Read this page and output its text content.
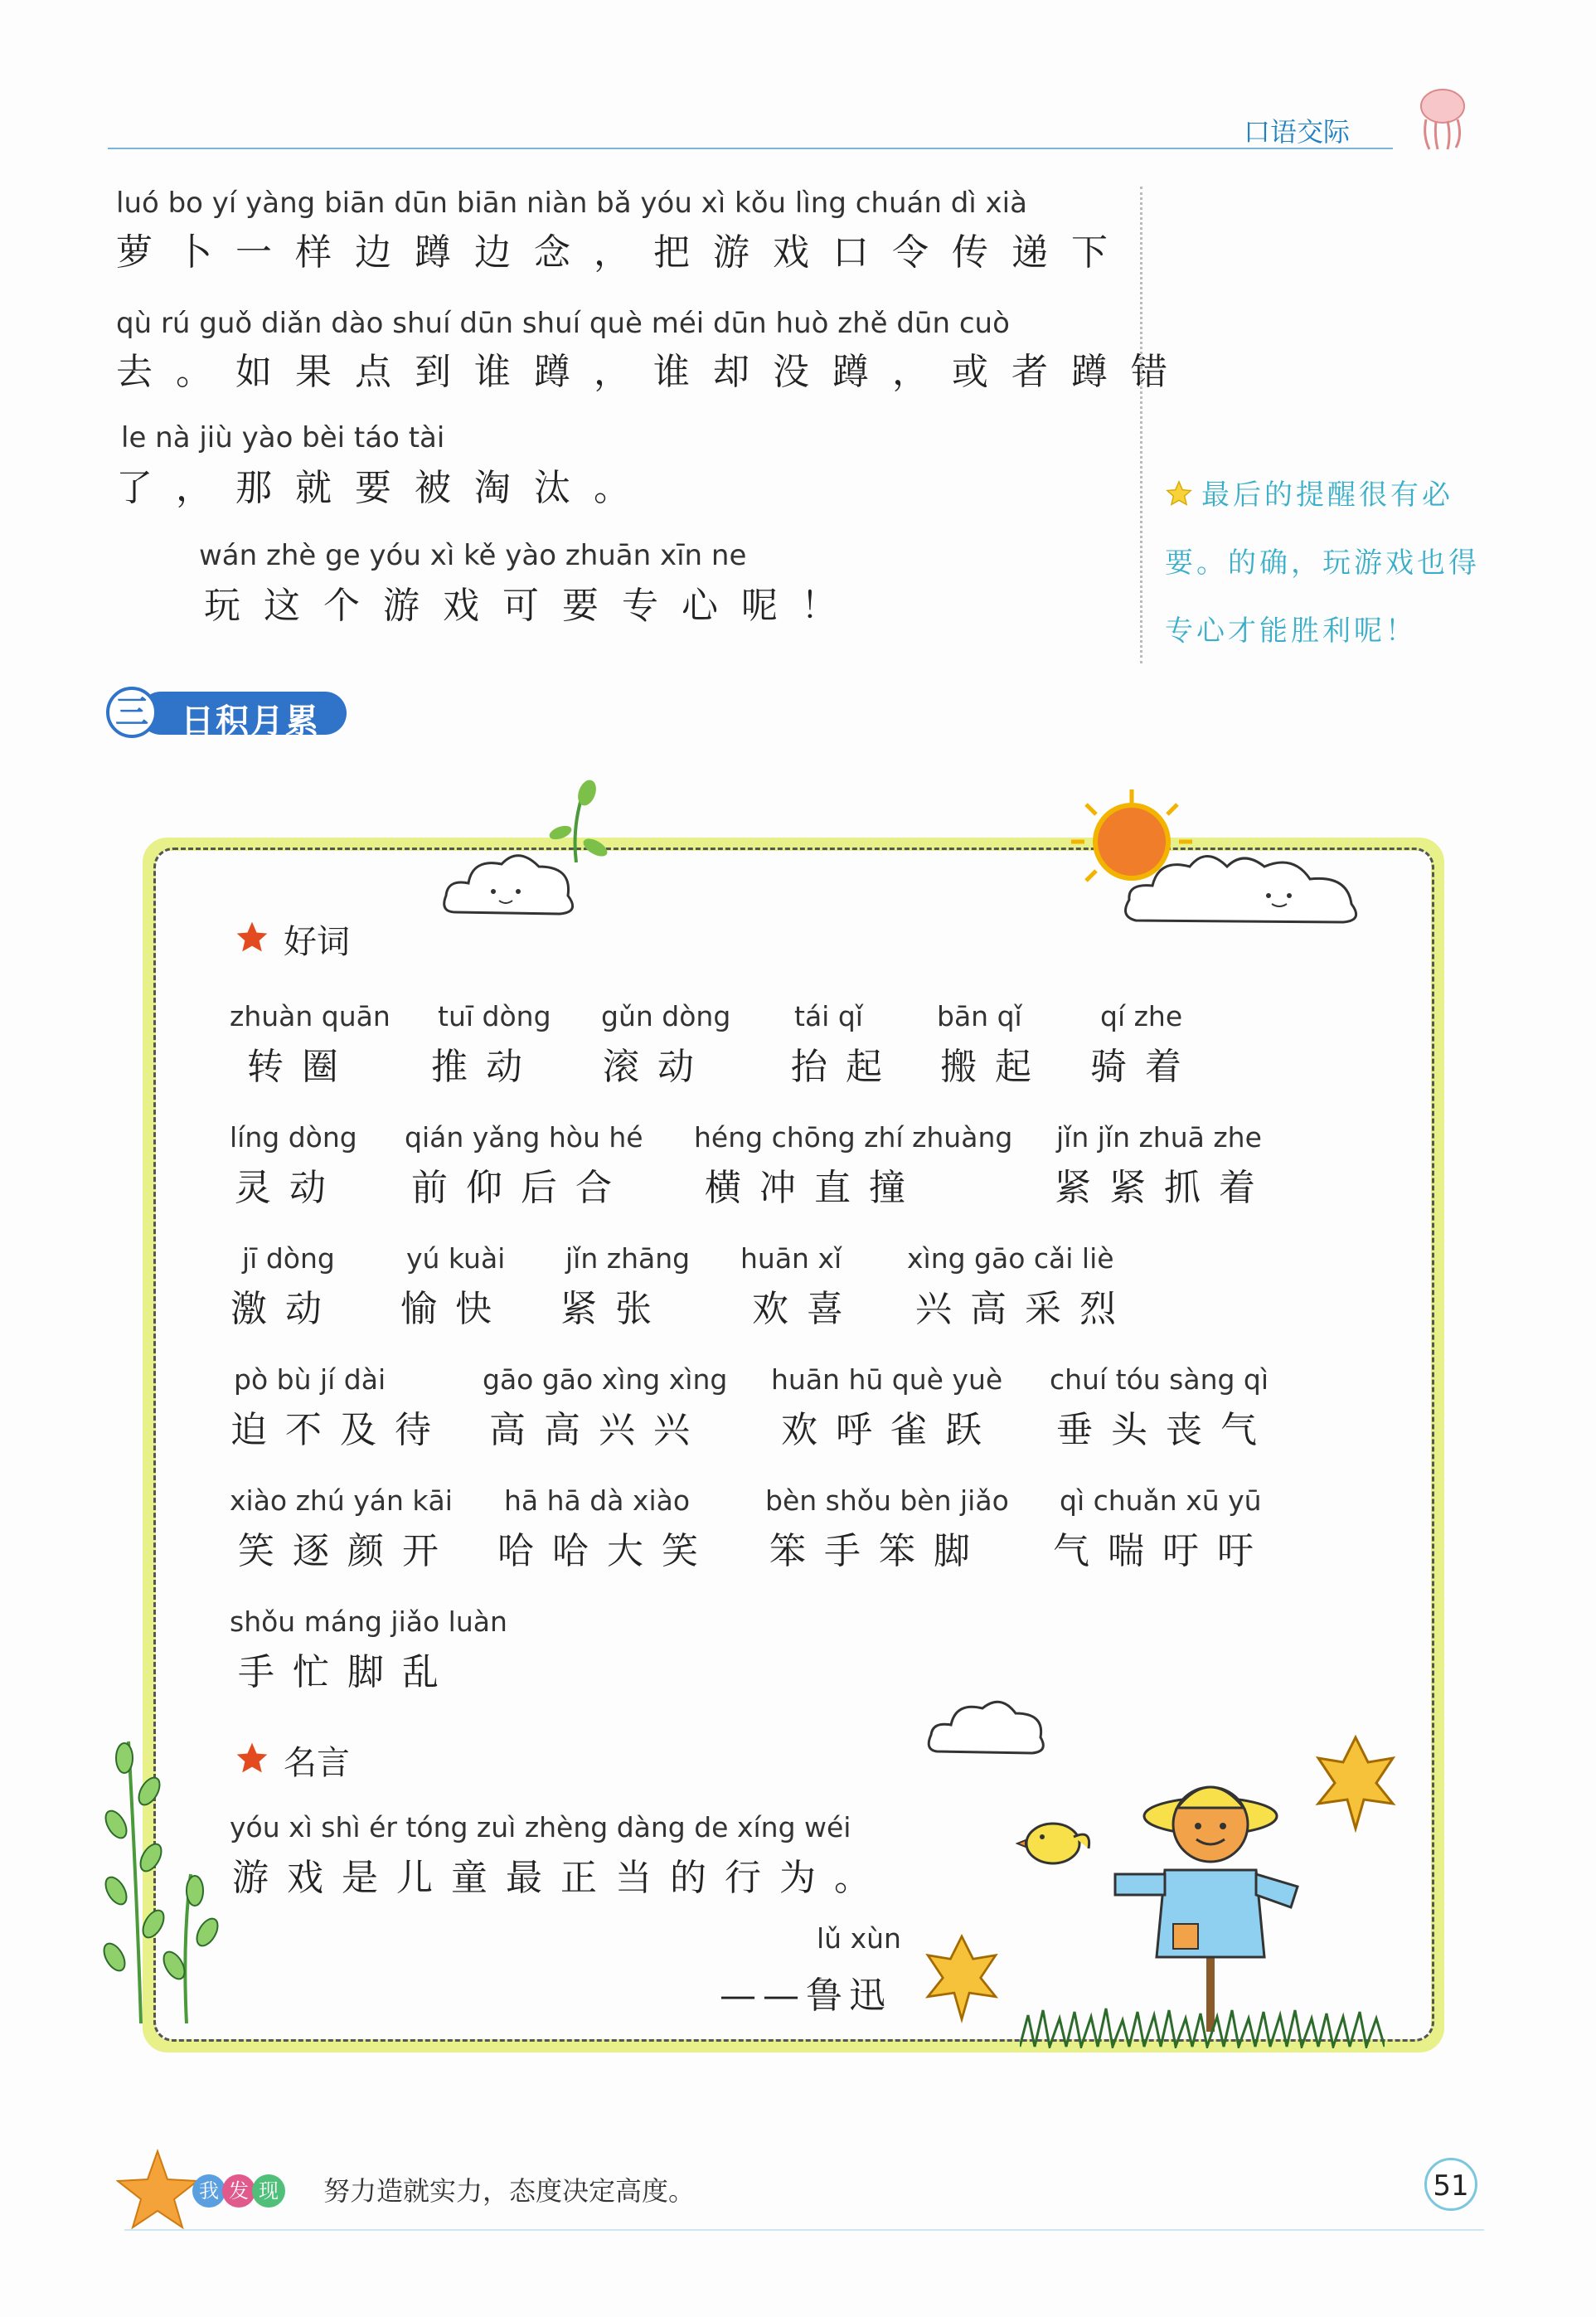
口语交际
luó bo yí yàng biān dūn biān niàn bǎ yóu xì kǒu lìng chuán dì xià
萝卜一样边蹲边念，把游戏口令传递下
qù rú guǒ diǎn dào shuí dūn shuí què méi dūn huò zhě dūn cuò
去。如果点到谁蹲，谁却没蹲，或者蹲错
le nà jiù yào bèi táo tài
了，那就要被淘汰。
wán zhè ge yóu xì kě yào zhuān xīn ne
玩这个游戏可要专心呢！
最后的提醒很有必
要。的确，玩游戏也得
专心才能胜利呢！
三 日积月累
好词
zhuàn quān
转圈
tuī dòng
推动
gǔn dòng
滚动
tái qǐ
抬起
bān qǐ
搬起
qí zhe
骑着
líng dòng
灵动
qián yǎng hòu hé
前仰后合
héng chōng zhí zhuàng
横冲直撞
jǐn jǐn zhuā zhe
紧紧抓着
jī dòng
激动
yú kuài
愉快
jǐn zhāng
紧张
huān xǐ
欢喜
xìng gāo cǎi liè
兴高采烈
pò bù jí dài
迫不及待
gāo gāo xìng xìng
高高兴兴
huān hū què yuè
欢呼雀跃
chuí tóu sàng qì
垂头丧气
xiào zhú yán kāi
笑逐颜开
hā hā dà xiào
哈哈大笑
bèn shǒu bèn jiǎo
笨手笨脚
qì chuǎn xū yū
气喘吁吁
shǒu máng jiǎo luàn
手忙脚乱
名言
yóu xì shì ér tóng zuì zhèng dàng de xíng wéi
游戏是儿童最正当的行为。
lǔ xùn
——鲁迅
我 发 现 努力造就实力，态度决定高度。	51
